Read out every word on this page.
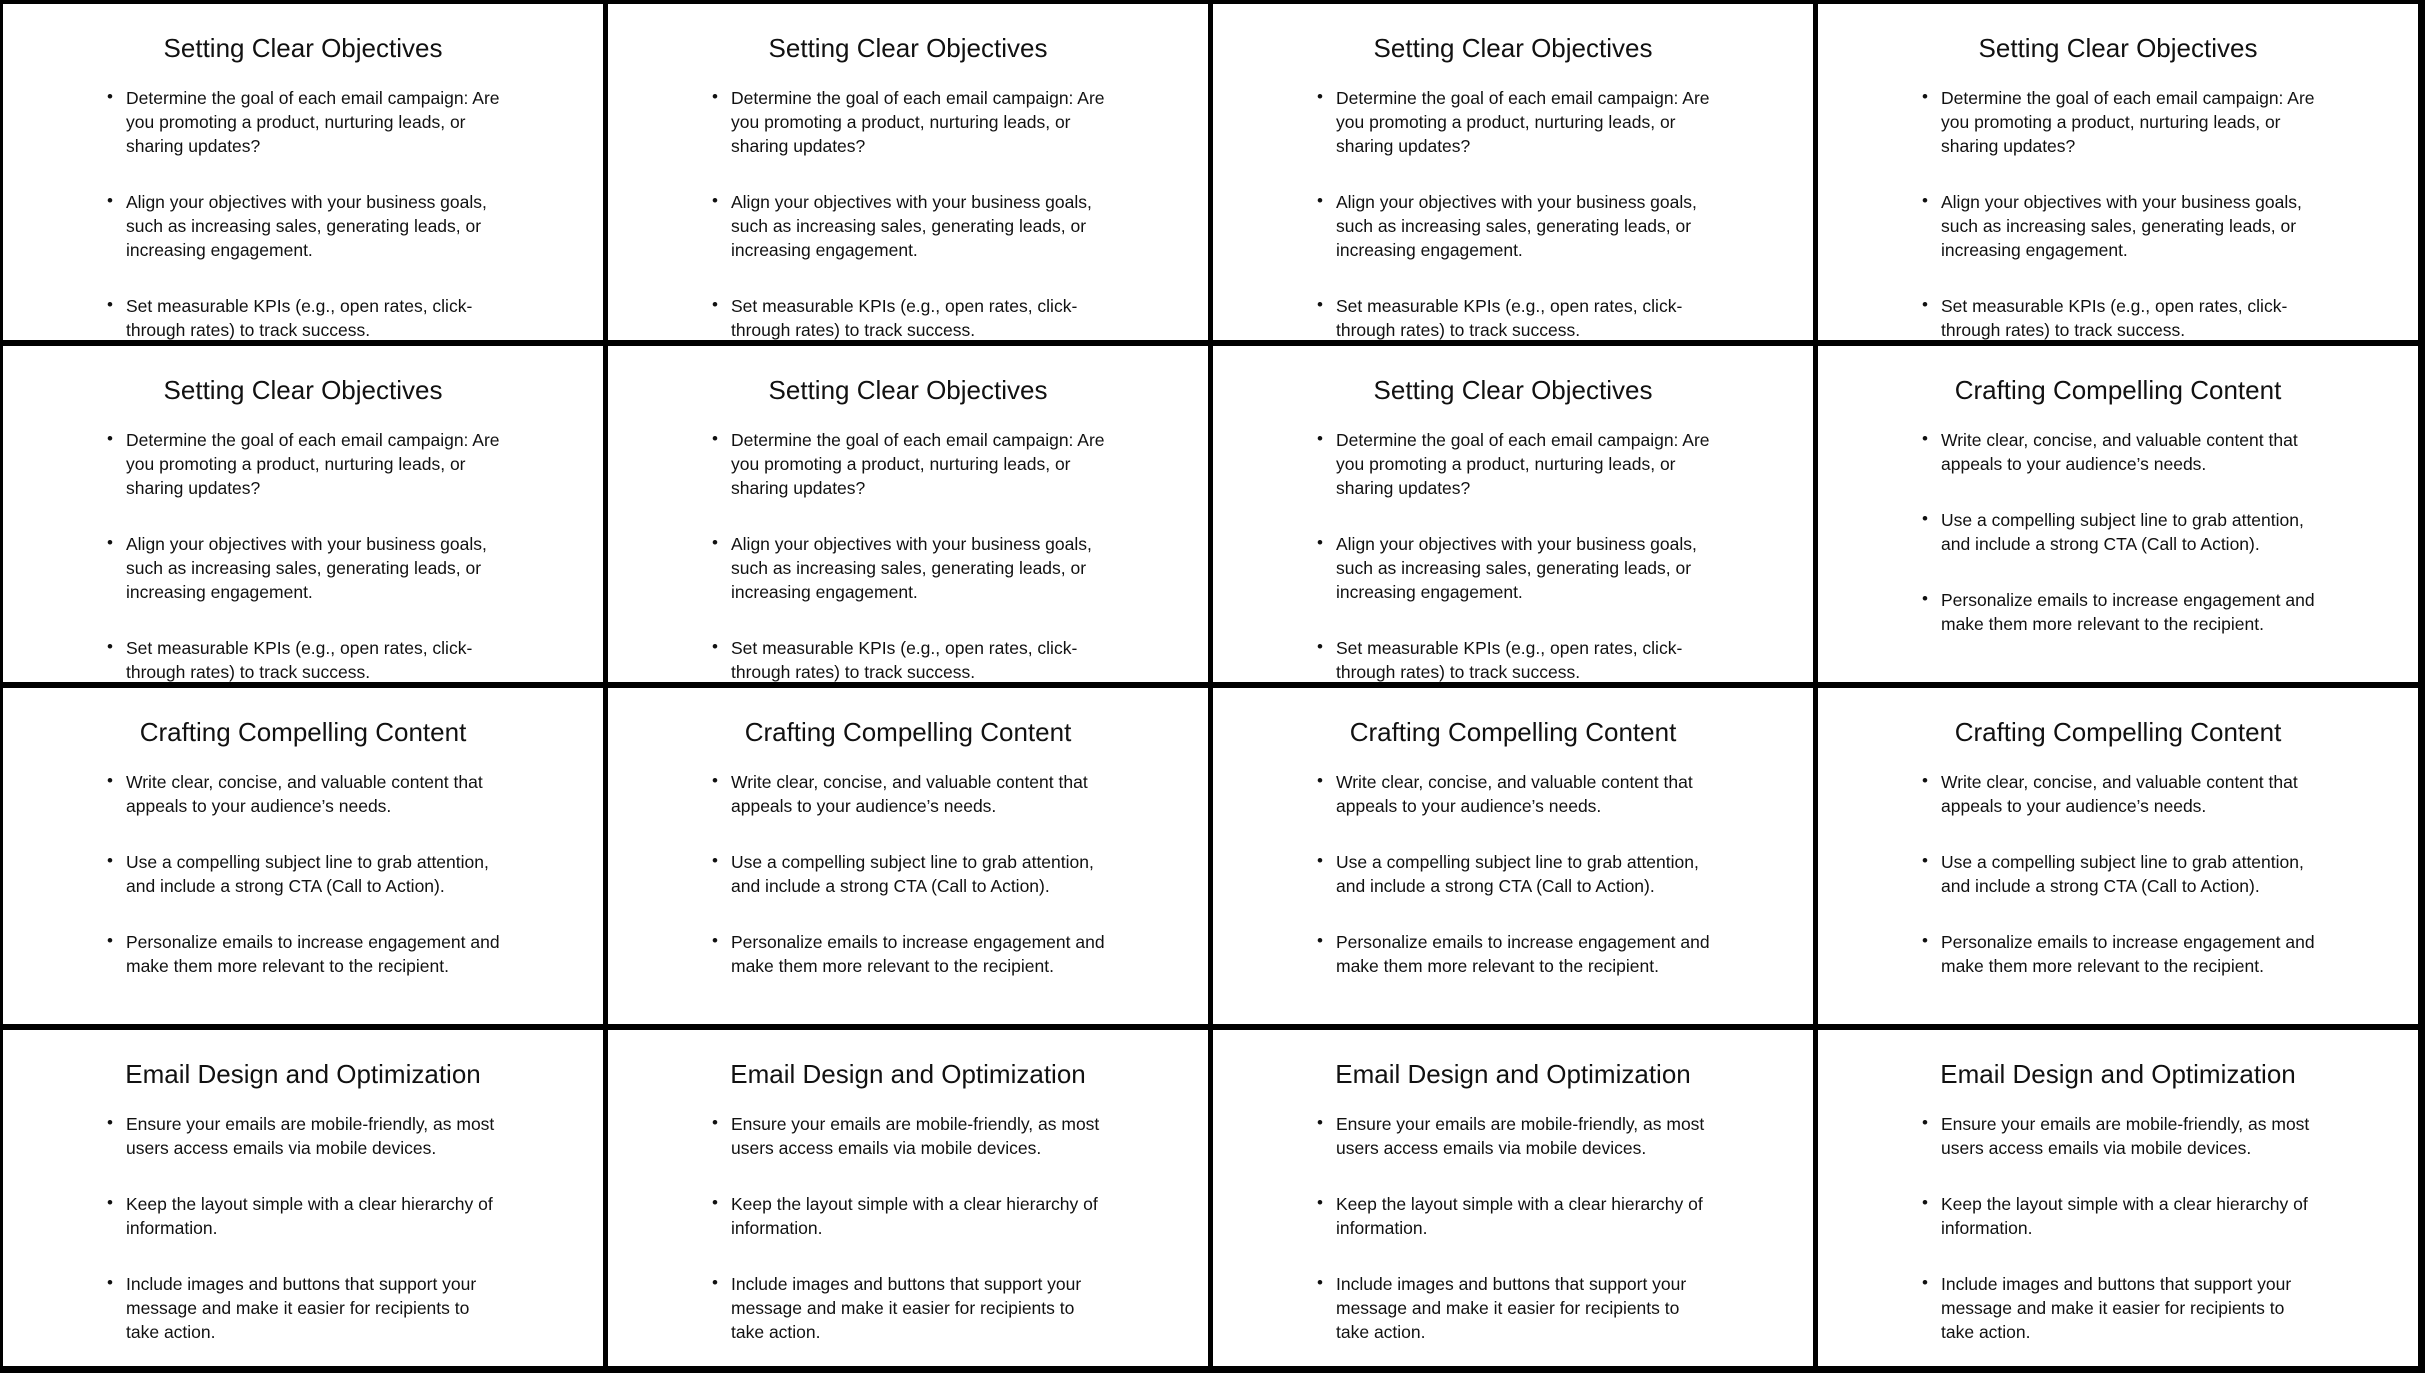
Setting Clear Objectives
• Determine the goal of each email campaign: Are you promoting a product, nurturing leads, or sharing updates?
• Align your objectives with your business goals, such as increasing sales, generating leads, or increasing engagement.
• Set measurable KPIs (e.g., open rates, click-through rates) to track success.
Setting Clear Objectives
• Determine the goal of each email campaign: Are you promoting a product, nurturing leads, or sharing updates?
• Align your objectives with your business goals, such as increasing sales, generating leads, or increasing engagement.
• Set measurable KPIs (e.g., open rates, click-through rates) to track success.
Setting Clear Objectives
• Determine the goal of each email campaign: Are you promoting a product, nurturing leads, or sharing updates?
• Align your objectives with your business goals, such as increasing sales, generating leads, or increasing engagement.
• Set measurable KPIs (e.g., open rates, click-through rates) to track success.
Setting Clear Objectives
• Determine the goal of each email campaign: Are you promoting a product, nurturing leads, or sharing updates?
• Align your objectives with your business goals, such as increasing sales, generating leads, or increasing engagement.
• Set measurable KPIs (e.g., open rates, click-through rates) to track success.
Setting Clear Objectives
• Determine the goal of each email campaign: Are you promoting a product, nurturing leads, or sharing updates?
• Align your objectives with your business goals, such as increasing sales, generating leads, or increasing engagement.
• Set measurable KPIs (e.g., open rates, click-through rates) to track success.
Setting Clear Objectives
• Determine the goal of each email campaign: Are you promoting a product, nurturing leads, or sharing updates?
• Align your objectives with your business goals, such as increasing sales, generating leads, or increasing engagement.
• Set measurable KPIs (e.g., open rates, click-through rates) to track success.
Setting Clear Objectives
• Determine the goal of each email campaign: Are you promoting a product, nurturing leads, or sharing updates?
• Align your objectives with your business goals, such as increasing sales, generating leads, or increasing engagement.
• Set measurable KPIs (e.g., open rates, click-through rates) to track success.
Crafting Compelling Content
• Write clear, concise, and valuable content that appeals to your audience’s needs.
• Use a compelling subject line to grab attention, and include a strong CTA (Call to Action).
• Personalize emails to increase engagement and make them more relevant to the recipient.
Crafting Compelling Content
• Write clear, concise, and valuable content that appeals to your audience’s needs.
• Use a compelling subject line to grab attention, and include a strong CTA (Call to Action).
• Personalize emails to increase engagement and make them more relevant to the recipient.
Crafting Compelling Content
• Write clear, concise, and valuable content that appeals to your audience’s needs.
• Use a compelling subject line to grab attention, and include a strong CTA (Call to Action).
• Personalize emails to increase engagement and make them more relevant to the recipient.
Crafting Compelling Content
• Write clear, concise, and valuable content that appeals to your audience’s needs.
• Use a compelling subject line to grab attention, and include a strong CTA (Call to Action).
• Personalize emails to increase engagement and make them more relevant to the recipient.
Crafting Compelling Content
• Write clear, concise, and valuable content that appeals to your audience’s needs.
• Use a compelling subject line to grab attention, and include a strong CTA (Call to Action).
• Personalize emails to increase engagement and make them more relevant to the recipient.
Email Design and Optimization
• Ensure your emails are mobile-friendly, as most users access emails via mobile devices.
• Keep the layout simple with a clear hierarchy of information.
• Include images and buttons that support your message and make it easier for recipients to take action.
Email Design and Optimization
• Ensure your emails are mobile-friendly, as most users access emails via mobile devices.
• Keep the layout simple with a clear hierarchy of information.
• Include images and buttons that support your message and make it easier for recipients to take action.
Email Design and Optimization
• Ensure your emails are mobile-friendly, as most users access emails via mobile devices.
• Keep the layout simple with a clear hierarchy of information.
• Include images and buttons that support your message and make it easier for recipients to take action.
Email Design and Optimization
• Ensure your emails are mobile-friendly, as most users access emails via mobile devices.
• Keep the layout simple with a clear hierarchy of information.
• Include images and buttons that support your message and make it easier for recipients to take action.
